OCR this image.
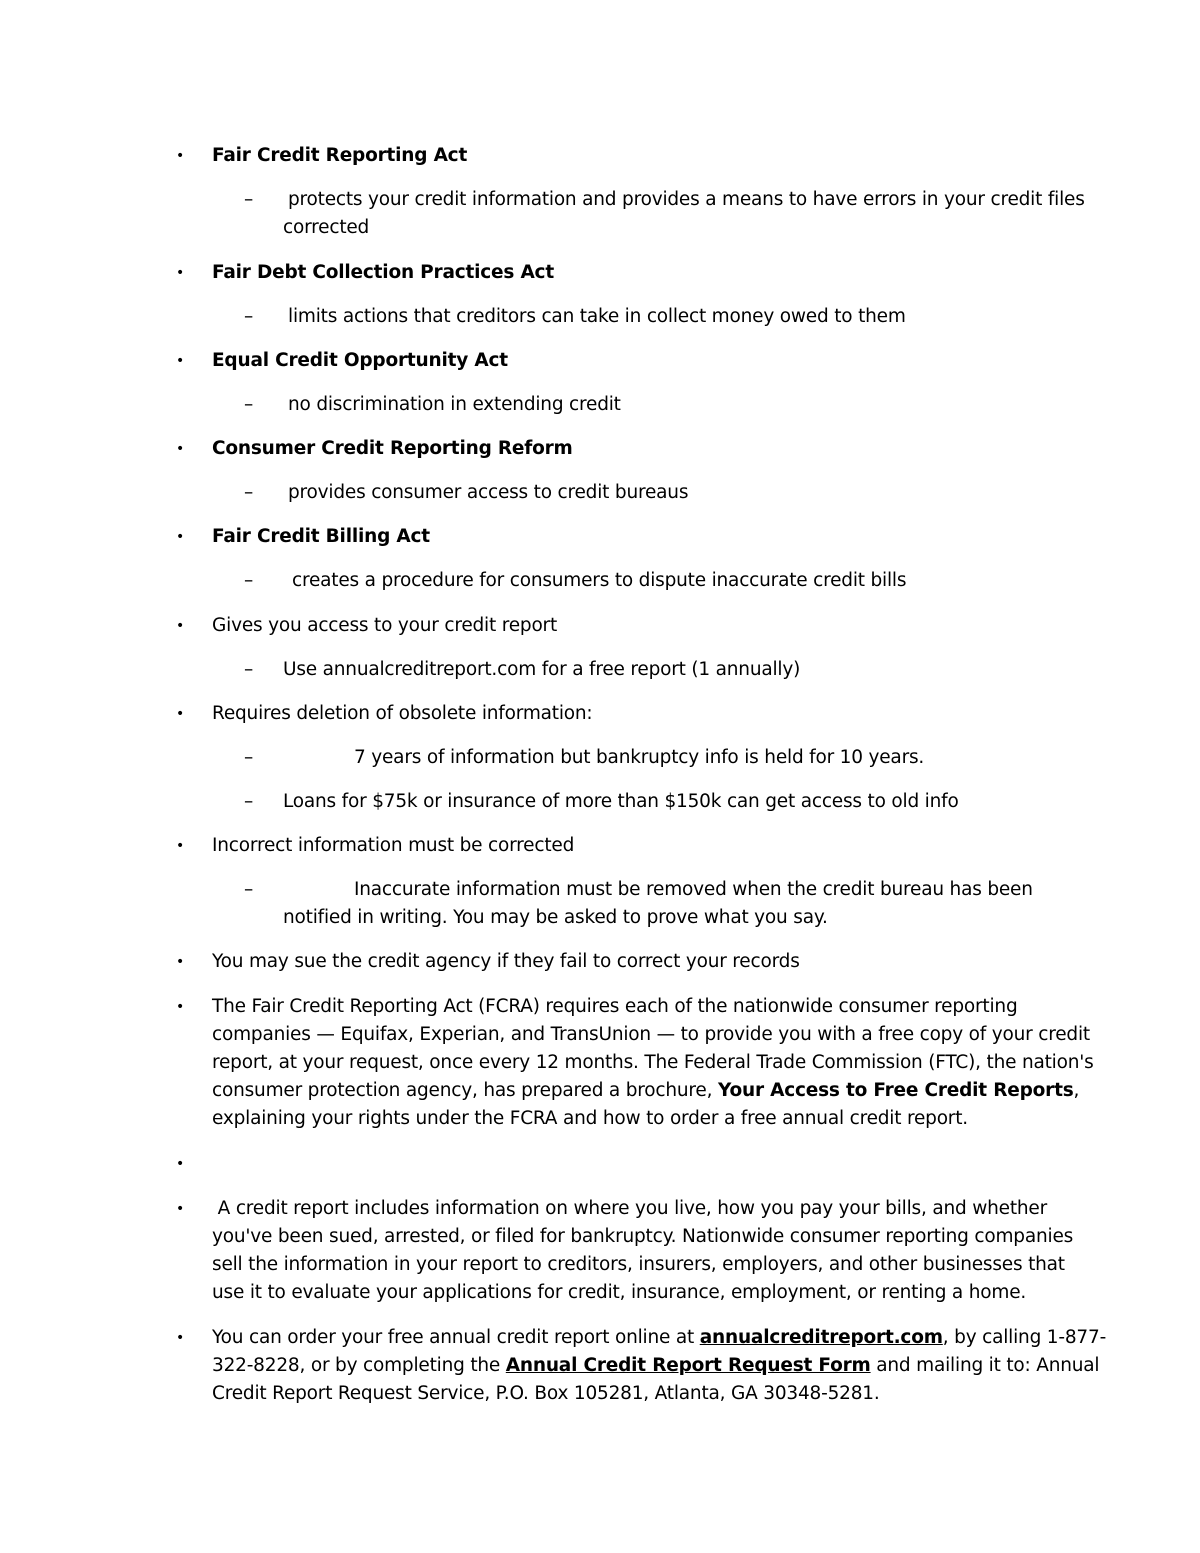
• Fair Credit Reporting Act
– protects your credit information and provides a means to have errors in your credit files
corrected
• Fair Debt Collection Practices Act
– limits actions that creditors can take in collect money owed to them
• Equal Credit Opportunity Act
– no discrimination in extending credit
• Consumer Credit Reporting Reform
– provides consumer access to credit bureaus
• Fair Credit Billing Act
– creates a procedure for consumers to dispute inaccurate credit bills
• Gives you access to your credit report
– Use annualcreditreport.com for a free report (1 annually)
• Requires deletion of obsolete information:
–	7 years of information but bankruptcy info is held for 10 years.
– Loans for $75k or insurance of more than $150k can get access to old info
• Incorrect information must be corrected
–	Inaccurate information must be removed when the credit bureau has been
notified in writing. You may be asked to prove what you say.
• You may sue the credit agency if they fail to correct your records
• The Fair Credit Reporting Act (FCRA) requires each of the nationwide consumer reporting
companies — Equifax, Experian, and TransUnion — to provide you with a free copy of your credit
report, at your request, once every 12 months. The Federal Trade Commission (FTC), the nation's
consumer protection agency, has prepared a brochure, Your Access to Free Credit Reports,
explaining your rights under the FCRA and how to order a free annual credit report.
•
• A credit report includes information on where you live, how you pay your bills, and whether
you've been sued, arrested, or filed for bankruptcy. Nationwide consumer reporting companies
sell the information in your report to creditors, insurers, employers, and other businesses that
use it to evaluate your applications for credit, insurance, employment, or renting a home.
• You can order your free annual credit report online at annualcreditreport.com, by calling 1-877-
322-8228, or by completing the Annual Credit Report Request Form and mailing it to: Annual
Credit Report Request Service, P.O. Box 105281, Atlanta, GA 30348-5281.
